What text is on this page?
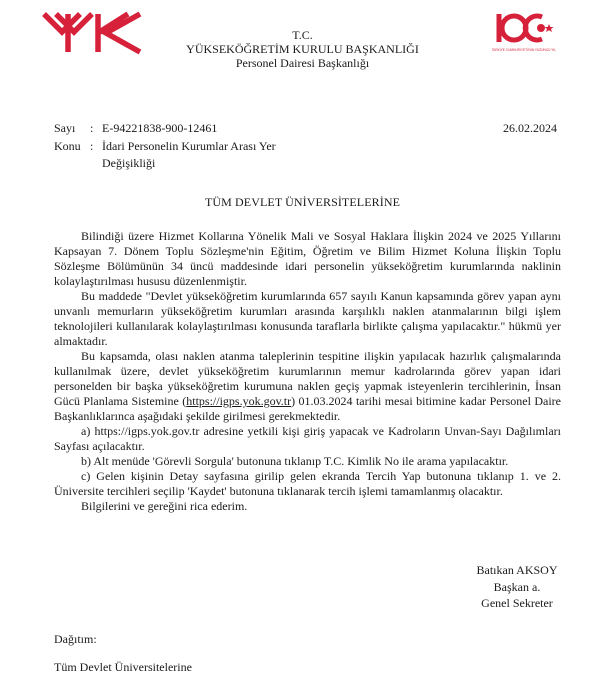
TÜRKİYE CUMHURİYETİ'NİN YÜZÜNCÜ YILI
T.C.
YÜKSEKÖĞRETİM KURULU BAŞKANLIĞI
Personel Dairesi Başkanlığı
Sayı : E-94221838-900-12461	26.02.2024
Konu : İdari Personelin Kurumlar Arası Yer
Değişikliği
TÜM DEVLET ÜNİVERSİTELERİNE

Bilindiği üzere Hizmet Kollarına Yönelik Mali ve Sosyal Haklara İlişkin 2024 ve 2025 Yıllarını Kapsayan 7. Dönem Toplu Sözleşme'nin Eğitim, Öğretim ve Bilim Hizmet Koluna İlişkin Toplu Sözleşme Bölümünün 34 üncü maddesinde idari personelin yükseköğretim kurumlarında naklinin kolaylaştırılması hususu düzenlenmiştir.

Bu maddede "Devlet yükseköğretim kurumlarında 657 sayılı Kanun kapsamında görev yapan aynı unvanlı memurların yükseköğretim kurumları arasında karşılıklı naklen atanmalarının bilgi işlem teknolojileri kullanılarak kolaylaştırılması konusunda taraflarla birlikte çalışma yapılacaktır." hükmü yer almaktadır.

Bu kapsamda, olası naklen atanma taleplerinin tespitine ilişkin yapılacak hazırlık çalışmalarında kullanılmak üzere, devlet yükseköğretim kurumlarının memur kadrolarında görev yapan idari personelden bir başka yükseköğretim kurumuna naklen geçiş yapmak isteyenlerin tercihlerinin, İnsan Gücü Planlama Sistemine (https://igps.yok.gov.tr) 01.03.2024 tarihi mesai bitimine kadar Personel Daire Başkanlıklarınca aşağıdaki şekilde girilmesi gerekmektedir.

a) https://igps.yok.gov.tr adresine yetkili kişi giriş yapacak ve Kadroların Unvan-Sayı Dağılımları Sayfası açılacaktır.

b) Alt menüde 'Görevli Sorgula' butonuna tıklanıp T.C. Kimlik No ile arama yapılacaktır.

c) Gelen kişinin Detay sayfasına girilip gelen ekranda Tercih Yap butonuna tıklanıp 1. ve 2. Üniversite tercihleri seçilip 'Kaydet' butonuna tıklanarak tercih işlemi tamamlanmış olacaktır.

Bilgilerini ve gereğini rica ederim.

Batıkan AKSOY
Başkan a.
Genel Sekreter
Dağıtım:
Tüm Devlet Üniversitelerine
